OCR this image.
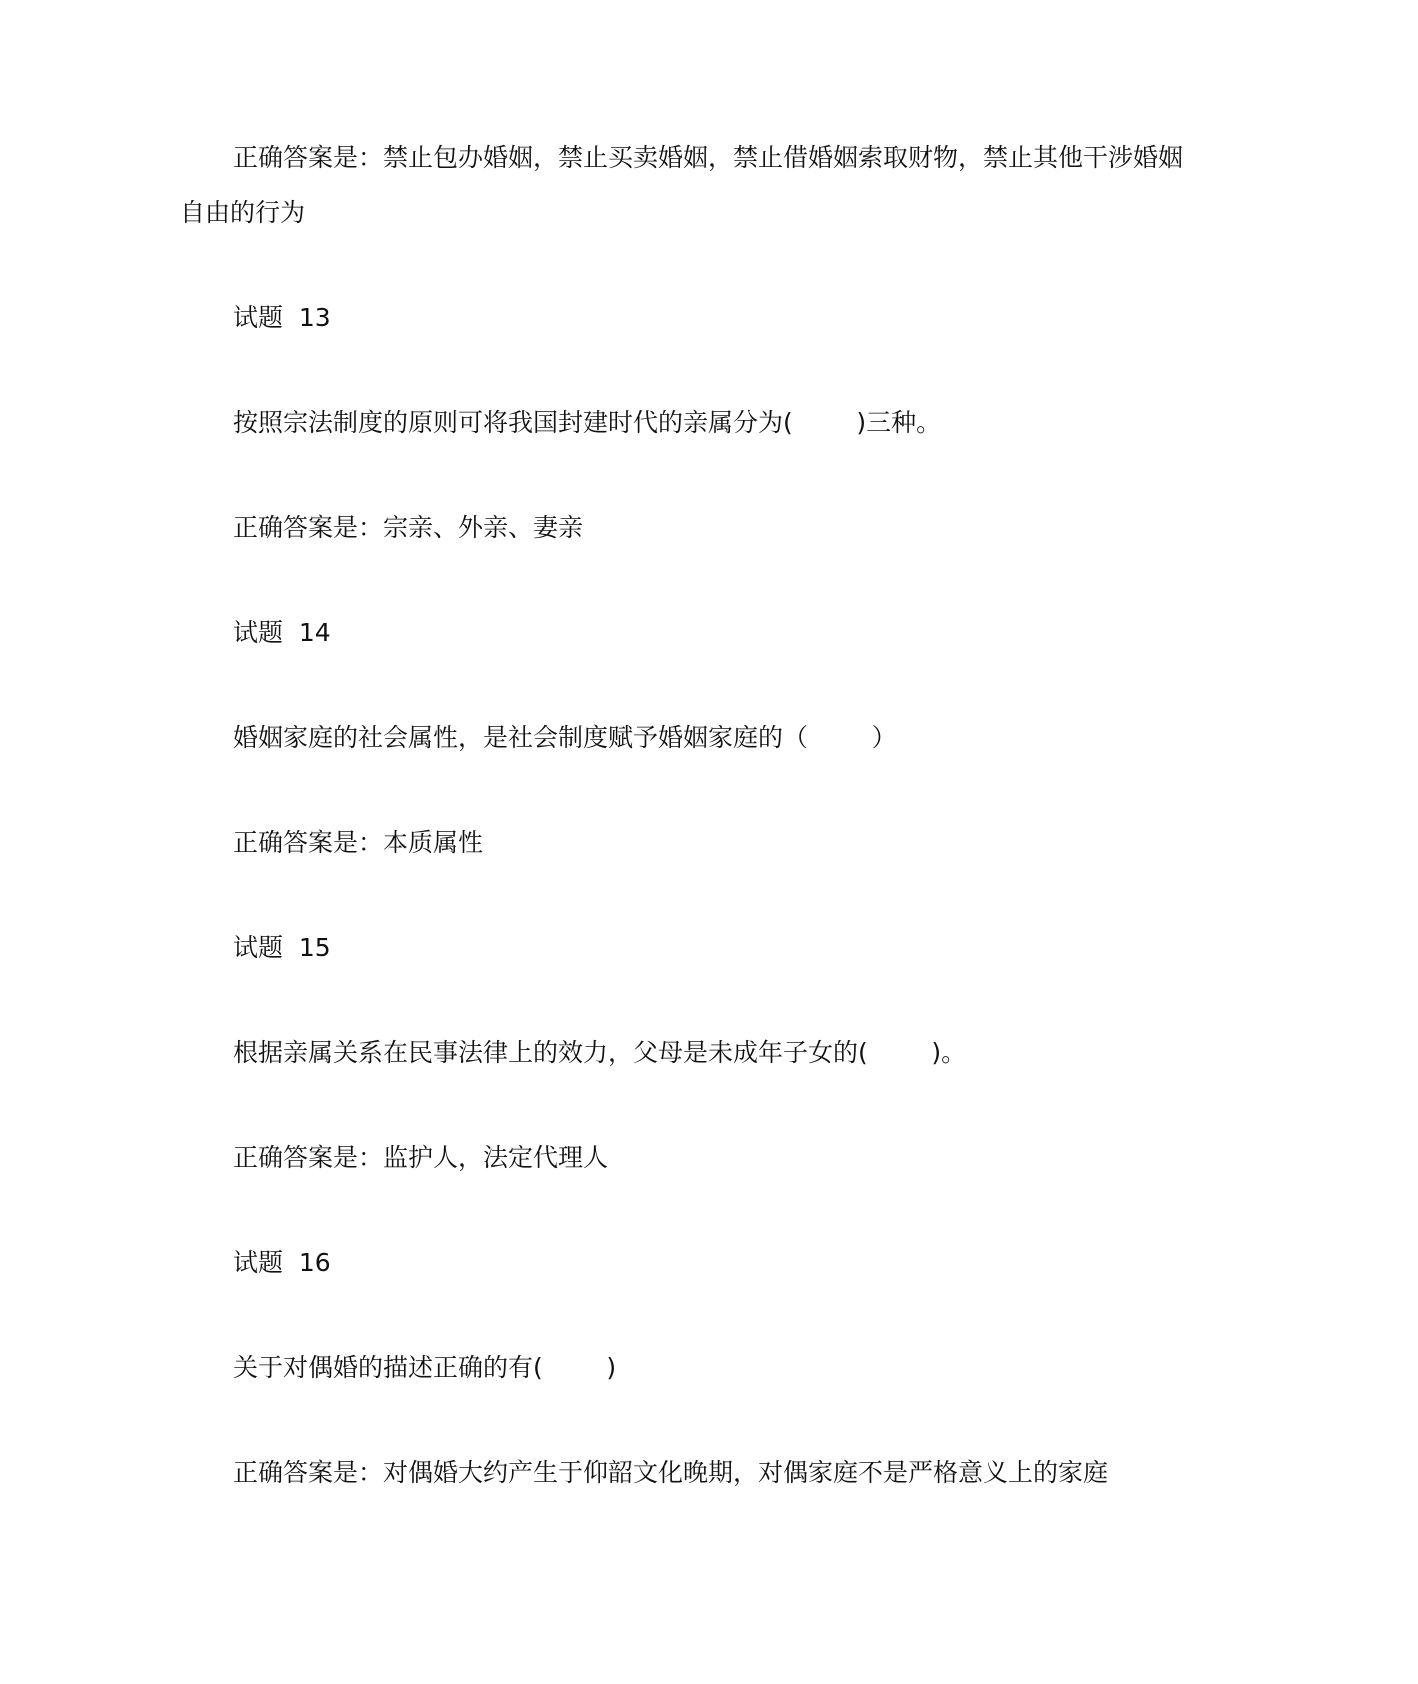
正确答案是：禁止包办婚姻，禁止买卖婚姻，禁止借婚姻索取财物，禁止其他干涉婚姻
自由的行为
试题  13
按照宗法制度的原则可将我国封建时代的亲属分为(        )三种。
正确答案是：宗亲、外亲、妻亲
试题  14
婚姻家庭的社会属性，是社会制度赋予婚姻家庭的（        ）
正确答案是：本质属性
试题  15
根据亲属关系在民事法律上的效力，父母是未成年子女的(        )。
正确答案是：监护人，法定代理人
试题  16
关于对偶婚的描述正确的有(        )
正确答案是：对偶婚大约产生于仰韶文化晚期，对偶家庭不是严格意义上的家庭
